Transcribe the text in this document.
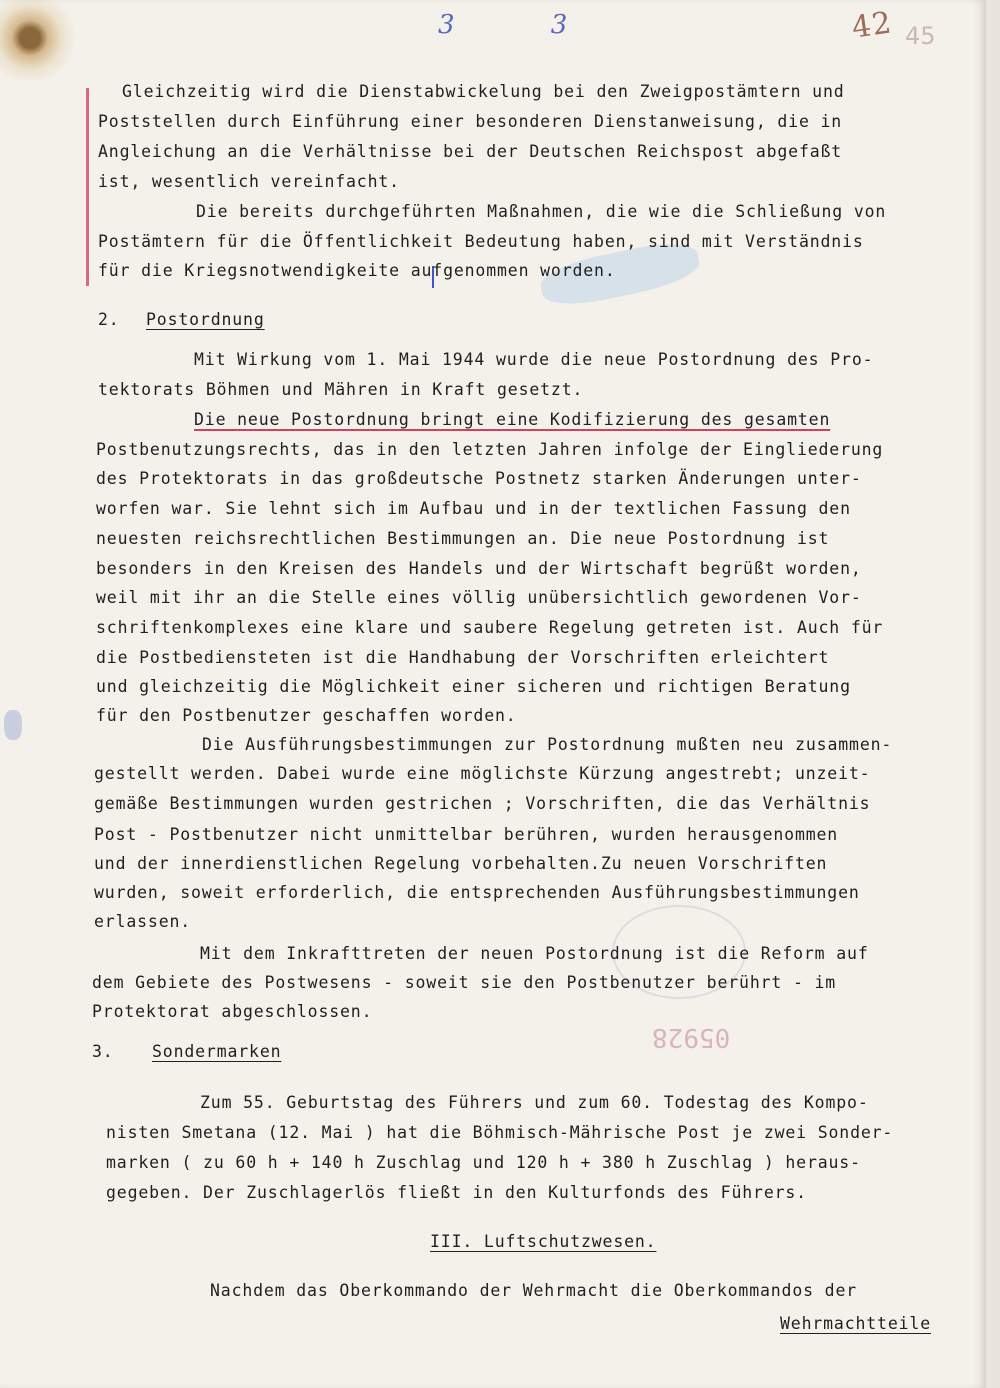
3 3	42 45
05928
Gleichzeitig wird die Dienstabwickelung bei den Zweigpostämtern und
Poststellen durch Einführung einer besonderen Dienstanweisung, die in
Angleichung an die Verhältnisse bei der Deutschen Reichspost abgefaßt
ist, wesentlich vereinfacht.
Die bereits durchgeführten Maßnahmen, die wie die Schließung von
Postämtern für die Öffentlichkeit Bedeutung haben, sind mit Verständnis
für die Kriegsnotwendigkeite aufgenommen worden.
2. Postordnung
Mit Wirkung vom 1. Mai 1944 wurde die neue Postordnung des Pro-
tektorats Böhmen und Mähren in Kraft gesetzt.
Die neue Postordnung bringt eine Kodifizierung des gesamten
Postbenutzungsrechts, das in den letzten Jahren infolge der Eingliederung
des Protektorats in das großdeutsche Postnetz starken Änderungen unter-
worfen war. Sie lehnt sich im Aufbau und in der textlichen Fassung den
neuesten reichsrechtlichen Bestimmungen an. Die neue Postordnung ist
besonders in den Kreisen des Handels und der Wirtschaft begrüßt worden,
weil mit ihr an die Stelle eines völlig unübersichtlich gewordenen Vor-
schriftenkomplexes eine klare und saubere Regelung getreten ist. Auch für
die Postbediensteten ist die Handhabung der Vorschriften erleichtert
und gleichzeitig die Möglichkeit einer sicheren und richtigen Beratung
für den Postbenutzer geschaffen worden.
Die Ausführungsbestimmungen zur Postordnung mußten neu zusammen-
gestellt werden. Dabei wurde eine möglichste Kürzung angestrebt; unzeit-
gemäße Bestimmungen wurden gestrichen ; Vorschriften, die das Verhältnis
Post - Postbenutzer nicht unmittelbar berühren, wurden herausgenommen
und der innerdienstlichen Regelung vorbehalten.Zu neuen Vorschriften
wurden, soweit erforderlich, die entsprechenden Ausführungsbestimmungen
erlassen.
Mit dem Inkrafttreten der neuen Postordnung ist die Reform auf
dem Gebiete des Postwesens - soweit sie den Postbenutzer berührt - im
Protektorat abgeschlossen.
3. Sondermarken
Zum 55. Geburtstag des Führers und zum 60. Todestag des Kompo-
nisten Smetana (12. Mai ) hat die Böhmisch-Mährische Post je zwei Sonder-
marken ( zu 60 h + 140 h Zuschlag und 120 h + 380 h Zuschlag ) heraus-
gegeben. Der Zuschlagerlös fließt in den Kulturfonds des Führers.
III. Luftschutzwesen.
Nachdem das Oberkommando der Wehrmacht die Oberkommandos der
Wehrmachtteile
